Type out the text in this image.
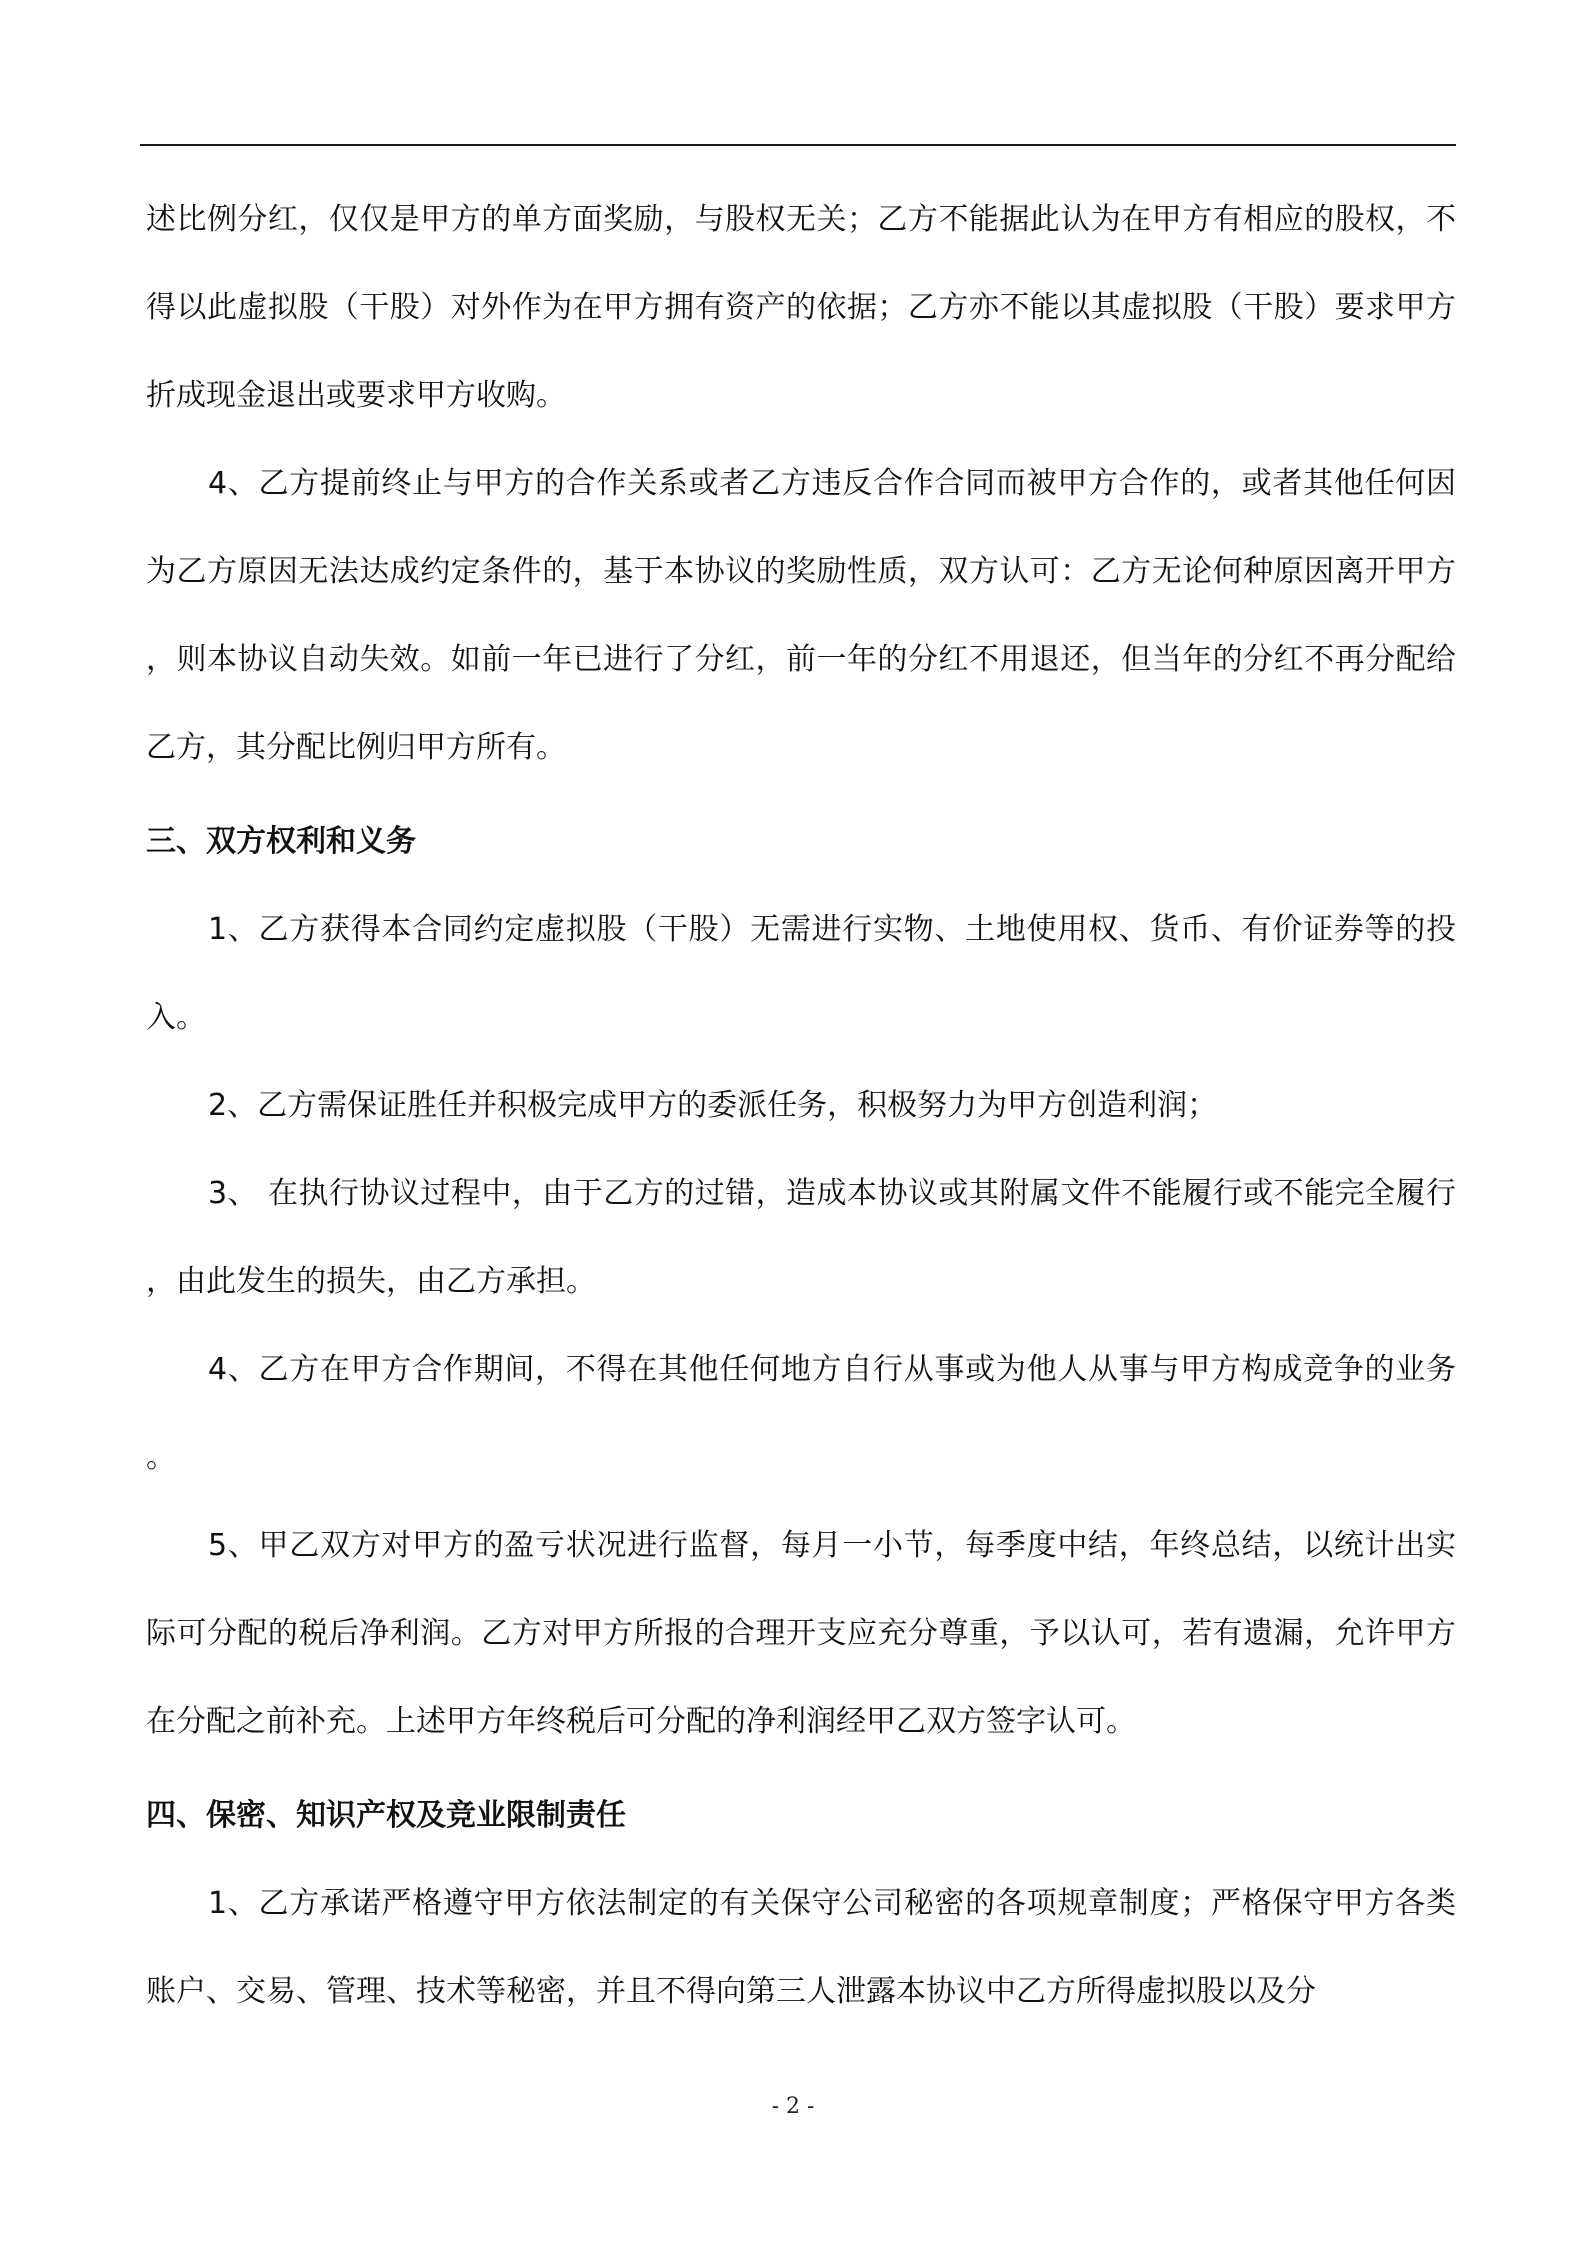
述比例分红，仅仅是甲方的单方面奖励，与股权无关；乙方不能据此认为在甲方有相应的股权，不得以此虚拟股（干股）对外作为在甲方拥有资产的依据；乙方亦不能以其虚拟股（干股）要求甲方折成现金退出或要求甲方收购。

4、乙方提前终止与甲方的合作关系或者乙方违反合作合同而被甲方合作的，或者其他任何因为乙方原因无法达成约定条件的，基于本协议的奖励性质，双方认可：乙方无论何种原因离开甲方，则本协议自动失效。如前一年已进行了分红，前一年的分红不用退还，但当年的分红不再分配给乙方，其分配比例归甲方所有。

三、双方权利和义务

1、乙方获得本合同约定虚拟股（干股）无需进行实物、土地使用权、货币、有价证券等的投入。

2、乙方需保证胜任并积极完成甲方的委派任务，积极努力为甲方创造利润；

3、 在执行协议过程中，由于乙方的过错，造成本协议或其附属文件不能履行或不能完全履行，由此发生的损失，由乙方承担。

4、乙方在甲方合作期间，不得在其他任何地方自行从事或为他人从事与甲方构成竞争的业务。

5、甲乙双方对甲方的盈亏状况进行监督，每月一小节，每季度中结，年终总结，以统计出实际可分配的税后净利润。乙方对甲方所报的合理开支应充分尊重，予以认可，若有遗漏，允许甲方在分配之前补充。上述甲方年终税后可分配的净利润经甲乙双方签字认可。

四、保密、知识产权及竞业限制责任

1、乙方承诺严格遵守甲方依法制定的有关保守公司秘密的各项规章制度；严格保守甲方各类账户、交易、管理、技术等秘密，并且不得向第三人泄露本协议中乙方所得虚拟股以及分

- 2 -
